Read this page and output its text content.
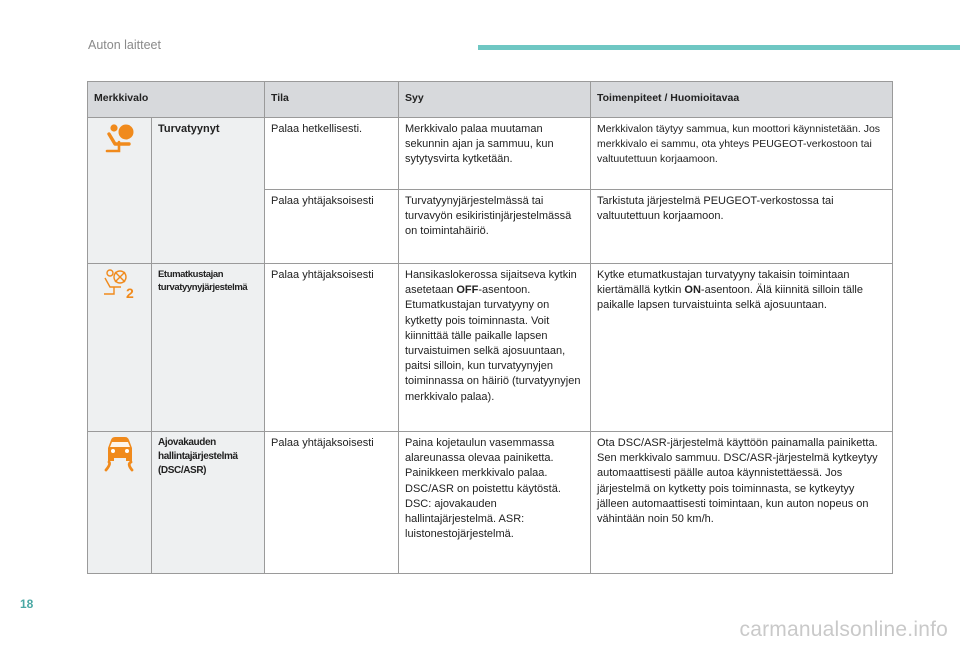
Auton laitteet
Merkkivalo		Tila	Syy	Toimenpiteet / Huomioitavaa

	Turvatyynyt	Palaa hetkellisesti.	Merkkivalo palaa muutaman sekunnin ajan ja sammuu, kun sytytysvirta kytketään.	Merkkivalon täytyy sammua, kun moottori käynnistetään. Jos merkkivalo ei sammu, ota yhteys PEUGEOT-verkostoon tai valtuutettuun korjaamoon.
		Palaa yhtäjaksoisesti	Turvatyynyjärjestelmässä tai turvavyön esikiristinjärjestelmässä on toimintahäiriö.	Tarkistuta järjestelmä PEUGEOT-verkostossa tai valtuutettuun korjaamoon.

2	Etumatkustajan turvatyynyjärjestelmä	Palaa yhtäjaksoisesti	Hansikaslokerossa sijaitseva kytkin asetetaan OFF-asentoon. Etumatkustajan turvatyyny on kytketty pois toiminnasta. Voit kiinnittää tälle paikalle lapsen turvaistuimen selkä ajosuuntaan, paitsi silloin, kun turvatyynyjen toiminnassa on häiriö (turvatyynyjen merkkivalo palaa).	Kytke etumatkustajan turvatyyny takaisin toimintaan kiertämällä kytkin ON-asentoon. Älä kiinnitä silloin tälle paikalle lapsen turvaistuinta selkä ajosuuntaan.

	Ajovakauden hallintajärjestelmä (DSC/ASR)	Palaa yhtäjaksoisesti	Paina kojetaulun vasemmassa alareunassa olevaa painiketta. Painikkeen merkkivalo palaa. DSC/ASR on poistettu käytöstä. DSC: ajovakauden hallintajärjestelmä. ASR: luistonestojärjestelmä.	Ota DSC/ASR-järjestelmä käyttöön painamalla painiketta. Sen merkkivalo sammuu. DSC/ASR-järjestelmä kytkeytyy automaattisesti päälle autoa käynnistettäessä. Jos järjestelmä on kytketty pois toiminnasta, se kytkeytyy jälleen automaattisesti toimintaan, kun auton nopeus on vähintään noin 50 km/h.
18
carmanualsonline.info
